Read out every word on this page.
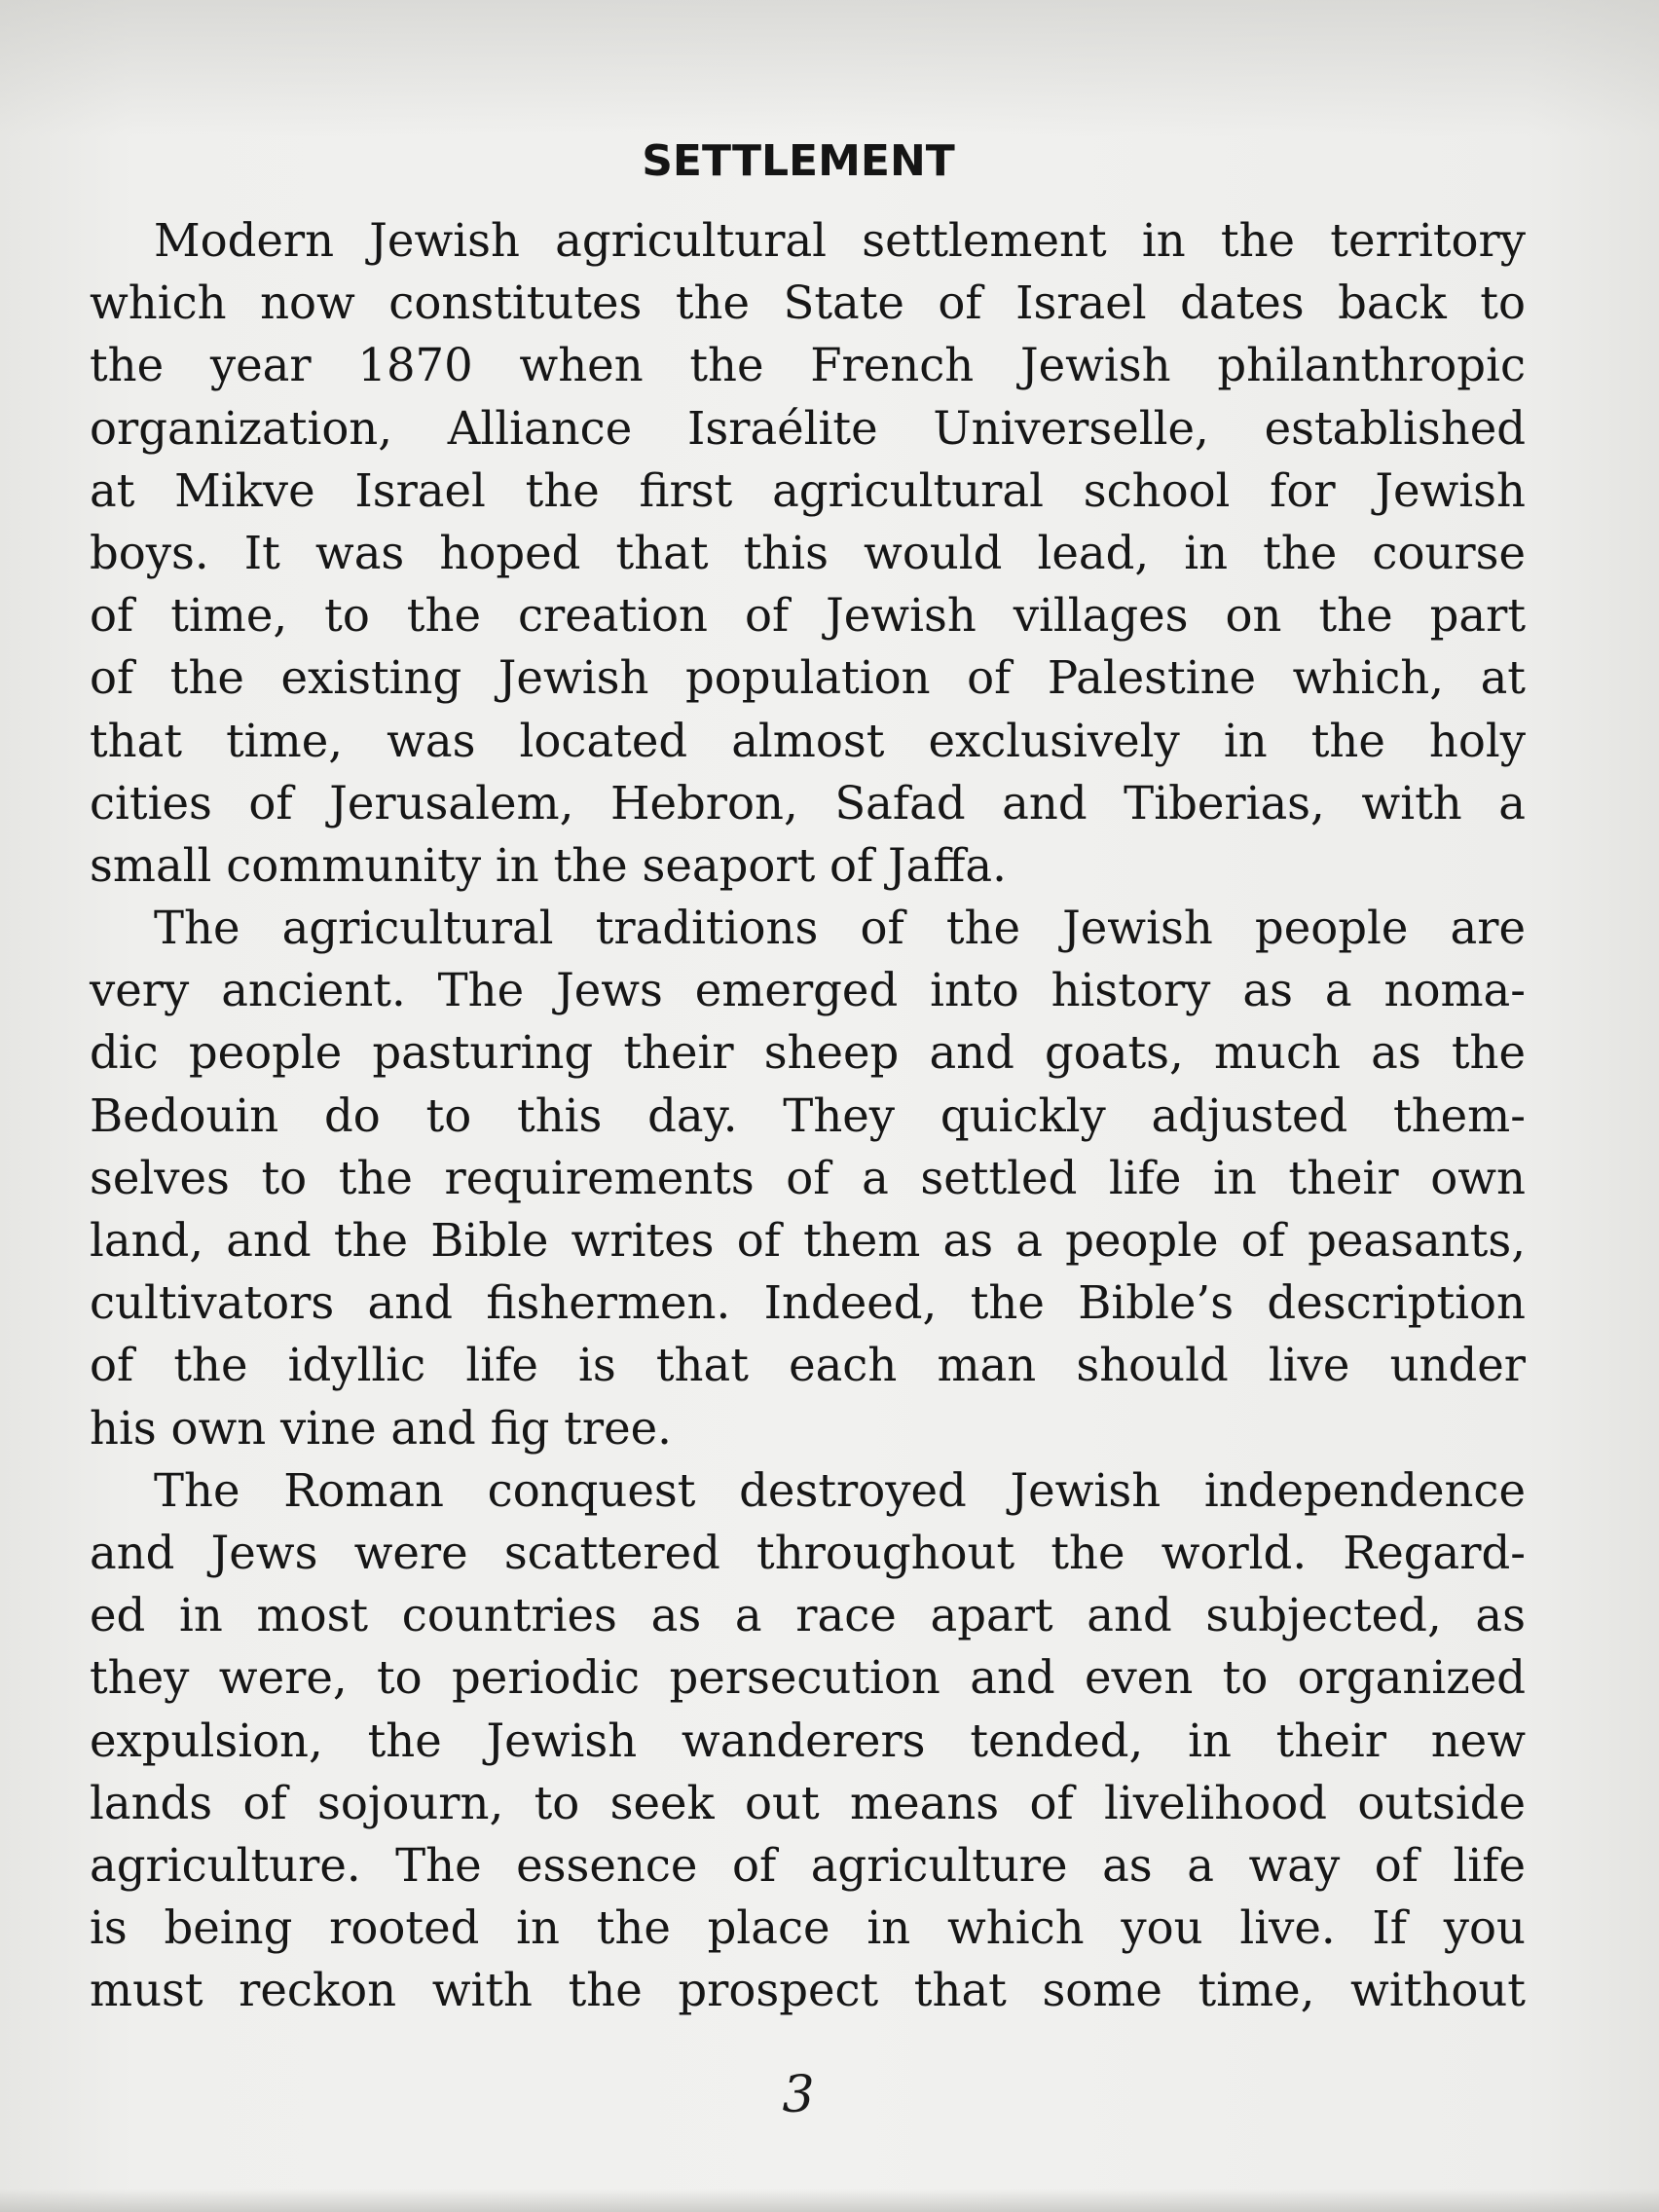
SETTLEMENT
Modern Jewish agricultural settlement in the territory
which now constitutes the State of Israel dates back to
the year 1870 when the French Jewish philanthropic
organization, Alliance Israélite Universelle, established
at Mikve Israel the first agricultural school for Jewish
boys. It was hoped that this would lead, in the course
of time, to the creation of Jewish villages on the part
of the existing Jewish population of Palestine which, at
that time, was located almost exclusively in the holy
cities of Jerusalem, Hebron, Safad and Tiberias, with a
small community in the seaport of Jaffa.
The agricultural traditions of the Jewish people are
very ancient. The Jews emerged into history as a noma-
dic people pasturing their sheep and goats, much as the
Bedouin do to this day. They quickly adjusted them-
selves to the requirements of a settled life in their own
land, and the Bible writes of them as a people of peasants,
cultivators and fishermen. Indeed, the Bible’s description
of the idyllic life is that each man should live under
his own vine and fig tree.
The Roman conquest destroyed Jewish independence
and Jews were scattered throughout the world. Regard-
ed in most countries as a race apart and subjected, as
they were, to periodic persecution and even to organized
expulsion, the Jewish wanderers tended, in their new
lands of sojourn, to seek out means of livelihood outside
agriculture. The essence of agriculture as a way of life
is being rooted in the place in which you live. If you
must reckon with the prospect that some time, without
3
